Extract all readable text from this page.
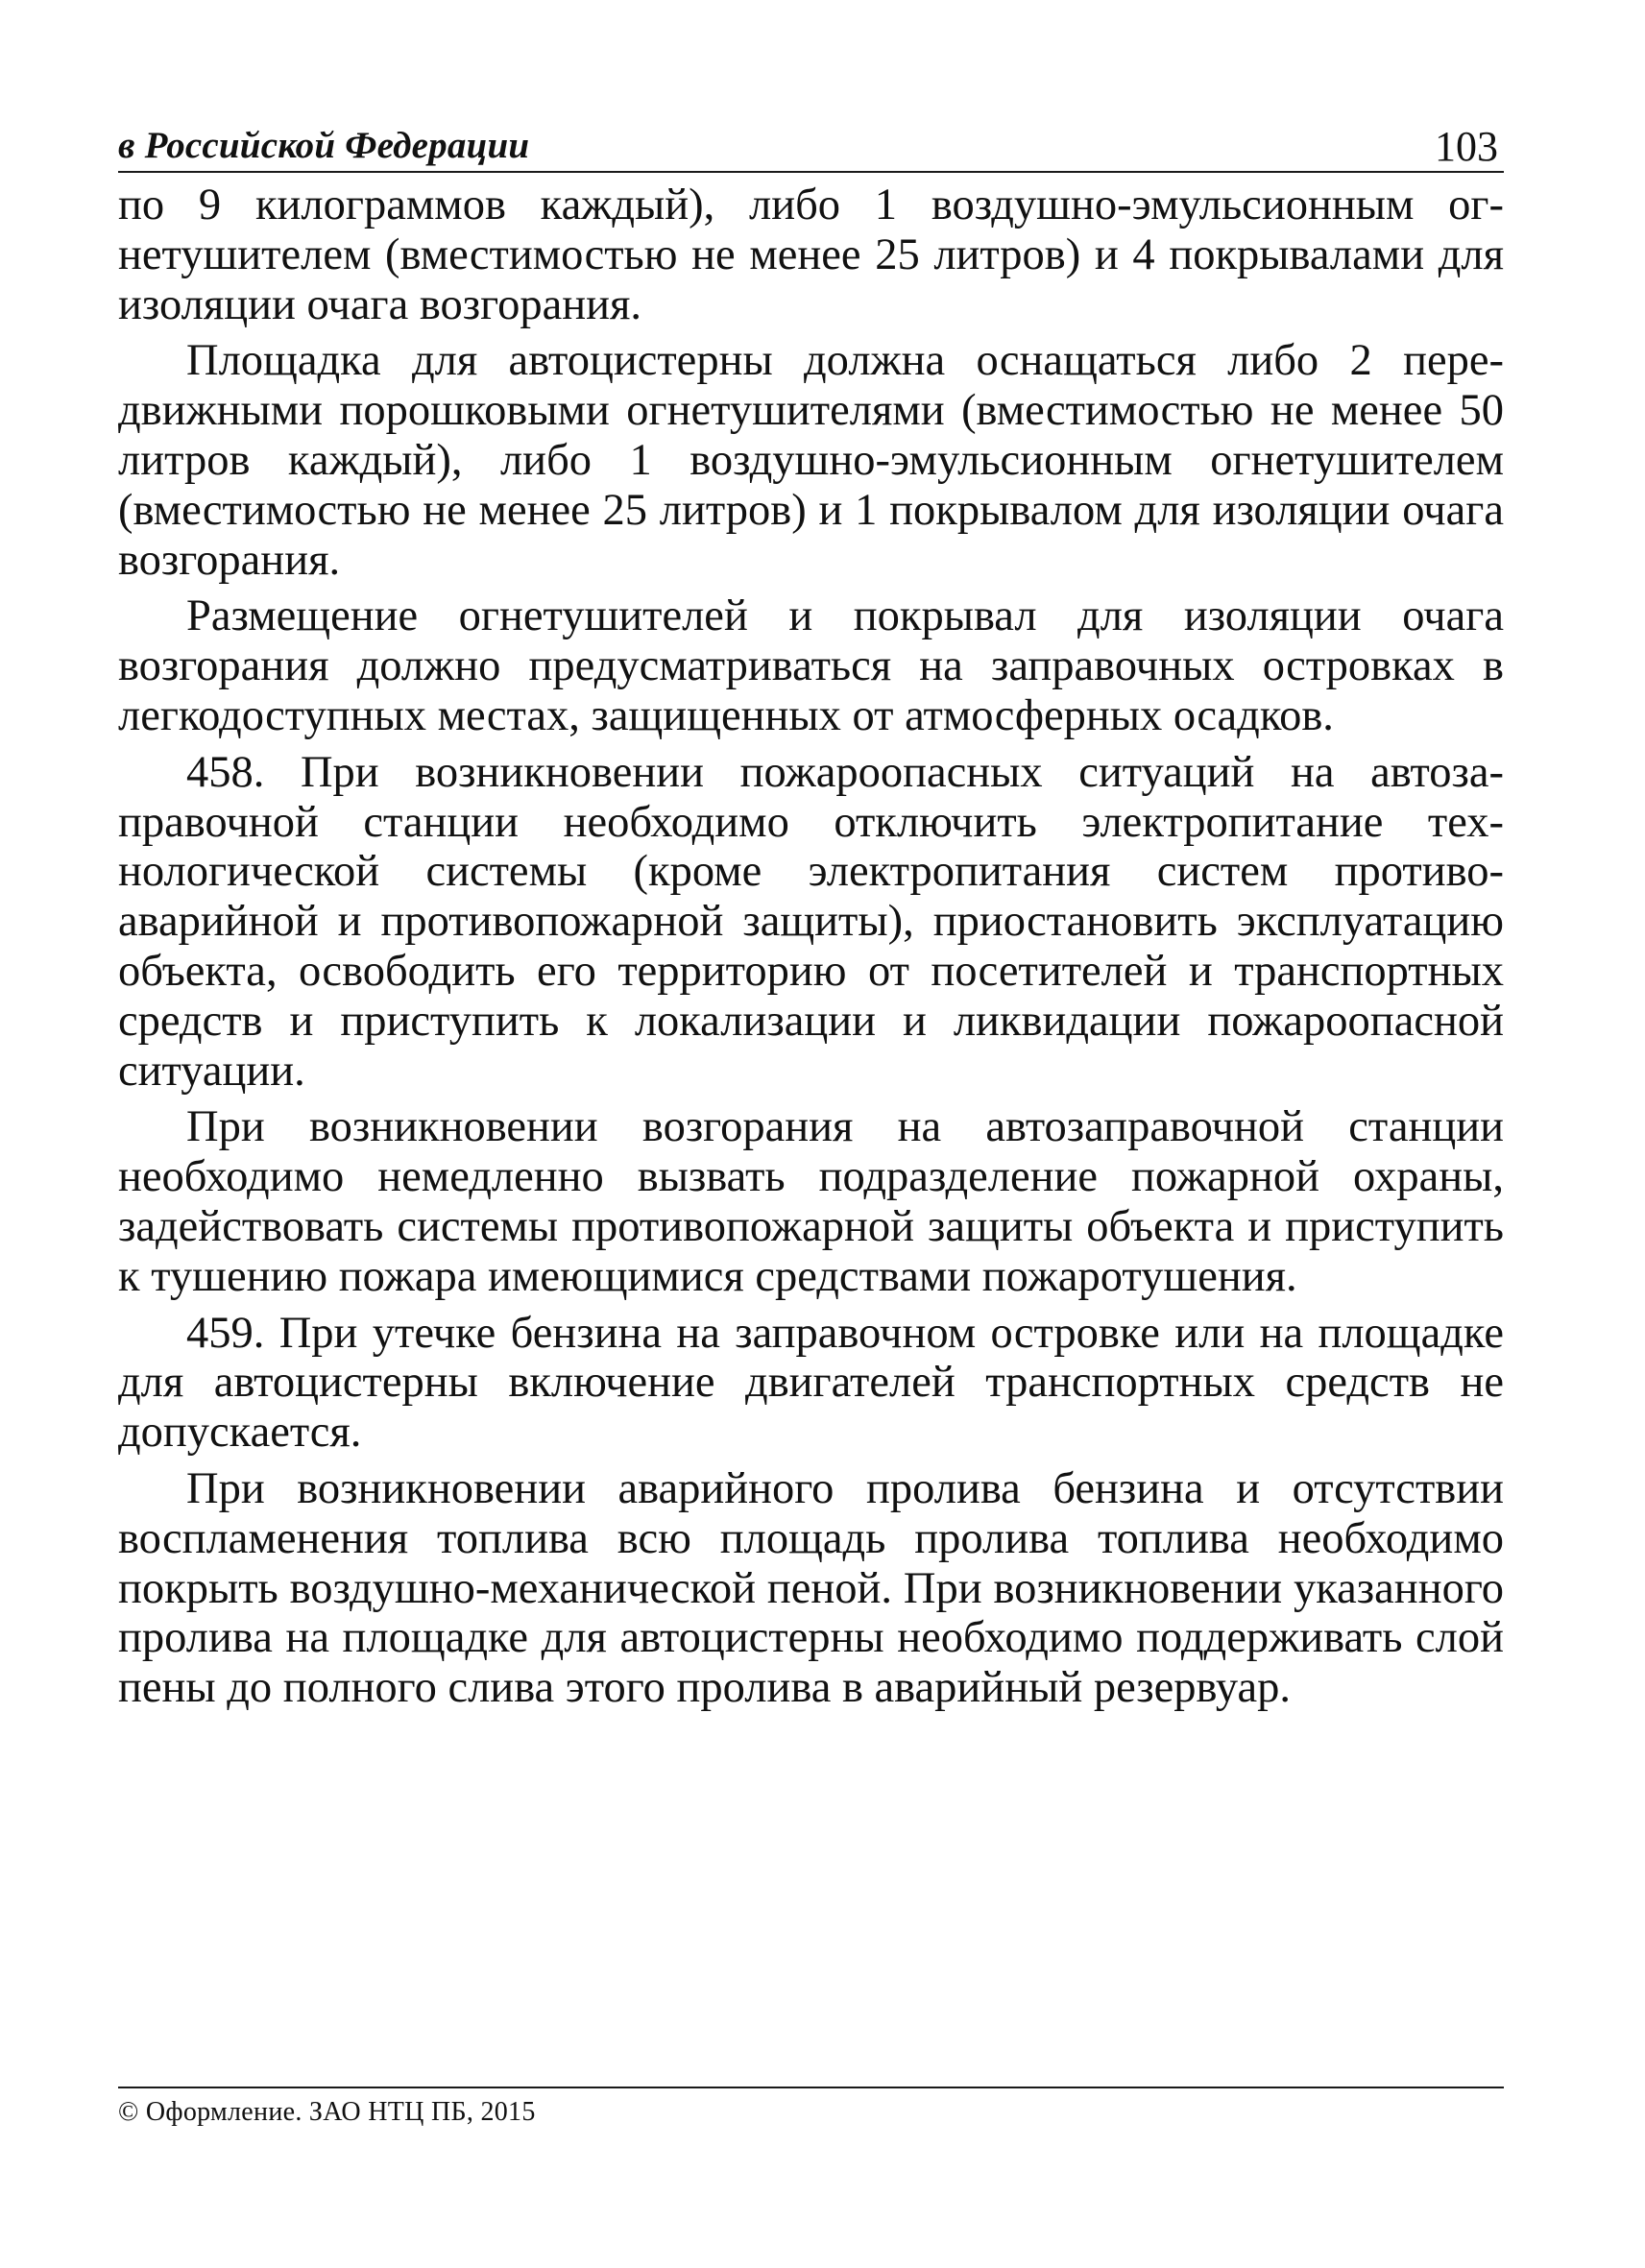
в Российской Федерации	103

по 9 килограммов каждый), либо 1 воздушно-эмульсионным огнетушителем (вместимостью не менее 25 литров) и 4 покрывалами для изоляции очага возгорания.

Площадка для автоцистерны должна оснащаться либо 2 передвижными порошковыми огнетушителями (вместимостью не менее 50 литров каждый), либо 1 воздушно-эмульсионным огнетушителем (вместимостью не менее 25 литров) и 1 покрывалом для изоляции очага возгорания.

Размещение огнетушителей и покрывал для изоляции очага возгорания должно предусматриваться на заправочных островках в легкодоступных местах, защищенных от атмосферных осадков.

458. При возникновении пожароопасных ситуаций на автозаправочной станции необходимо отключить электропитание технологической системы (кроме электропитания систем противоаварийной и противопожарной защиты), приостановить эксплуатацию объекта, освободить его территорию от посетителей и транспортных средств и приступить к локализации и ликвидации пожароопасной ситуации.

При возникновении возгорания на автозаправочной станции необходимо немедленно вызвать подразделение пожарной охраны, задействовать системы противопожарной защиты объекта и приступить к тушению пожара имеющимися средствами пожаротушения.

459. При утечке бензина на заправочном островке или на площадке для автоцистерны включение двигателей транспортных средств не допускается.

При возникновении аварийного пролива бензина и отсутствии воспламенения топлива всю площадь пролива топлива необходимо покрыть воздушно-механической пеной. При возникновении указанного пролива на площадке для автоцистерны необходимо поддерживать слой пены до полного слива этого пролива в аварийный резервуар.

© Оформление. ЗАО НТЦ ПБ, 2015
